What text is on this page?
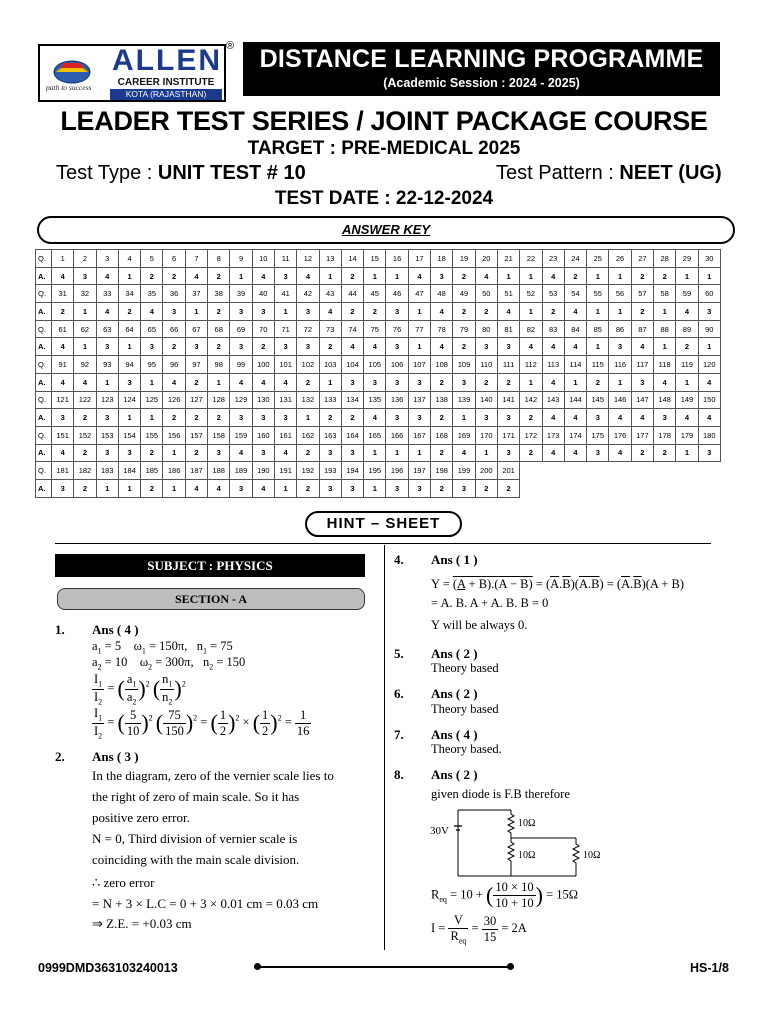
path to success
ALLEN
CAREER INSTITUTE
KOTA (RAJASTHAN)
®	DISTANCE LEARNING PROGRAMME
(Academic Session : 2024 - 2025)
LEADER TEST SERIES / JOINT PACKAGE COURSE
TARGET : PRE-MEDICAL 2025
Test Type : UNIT TEST # 10	Test Pattern : NEET (UG)
TEST DATE : 22-12-2024
ANSWER KEY
Q.	1	2	3	4	5	6	7	8	9	10	11	12	13	14	15	16	17	18	19	20	21	22	23	24	25	26	27	28	29	30
A.	4	3	4	1	2	2	4	2	1	4	3	4	1	2	1	1	4	3	2	4	1	1	4	2	1	1	2	2	1	1
Q.	31	32	33	34	35	36	37	38	39	40	41	42	43	44	45	46	47	48	49	50	51	52	53	54	55	56	57	58	59	60
A.	2	1	4	2	4	3	1	2	3	3	1	3	4	2	2	3	1	4	2	2	4	1	2	4	1	1	2	1	4	3
Q.	61	62	63	64	65	66	67	68	69	70	71	72	73	74	75	76	77	78	79	80	81	82	83	84	85	86	87	88	89	90
A.	4	1	3	1	3	2	3	2	3	2	3	3	2	4	4	3	1	4	2	3	3	4	4	4	1	3	4	1	2	1
Q.	91	92	93	94	95	96	97	98	99	100	101	102	103	104	105	106	107	108	109	110	111	112	113	114	115	116	117	118	119	120
A.	4	4	1	3	1	4	2	1	4	4	4	2	1	3	3	3	3	2	3	2	2	1	4	1	2	1	3	4	1	4
Q.	121	122	123	124	125	126	127	128	129	130	131	132	133	134	135	136	137	138	139	140	141	142	143	144	145	146	147	148	149	150
A.	3	2	3	1	1	2	2	2	3	3	3	1	2	2	4	3	3	2	1	3	3	2	4	4	3	4	4	3	4	4
Q.	151	152	153	154	155	156	157	158	159	160	161	162	163	164	165	166	167	168	169	170	171	172	173	174	175	176	177	178	179	180
A.	4	2	3	3	2	1	2	3	4	3	4	2	3	3	1	1	1	2	4	1	3	2	4	4	3	4	2	2	1	3
Q.	181	182	183	184	185	186	187	188	189	190	191	192	193	194	195	196	197	198	199	200	201									
A.	3	2	1	1	2	1	4	4	3	4	1	2	3	3	1	3	3	2	3	2	2									
HINT – SHEET
SUBJECT : PHYSICS
SECTION - A
1. Ans ( 4 )
$a_1 = 5$    $\omega_1 = 150\pi$,   $n_1 = 75$
$a_2 = 10$    $\omega_2 = 300\pi$,   $n_2 = 150$
$\frac{I_1}{I_2}$ = ( $\frac{a_1}{a_2} )^2$ ( $\frac{n_1}{n_2} )^2$
$\frac{I_1}{I_2}$ = ( $\frac{5}{10} )^2$ ( $\frac{75}{150} )^2$ = ( $\frac{1}{2} )^2$ × ( $\frac{1}{2} )^2 = \frac{1}{16}$
2. Ans ( 3 )
In the diagram, zero of the vernier scale lies to
the right of zero of main scale. So it has
positive zero error.
N = 0, Third division of vernier scale is
coinciding with the main scale division.
∴ zero error
= N + 3 × L.C = 0 + 3 × 0.01 cm = 0.03 cm
⇒ Z.E. = +0.03 cm
4. Ans ( 1 )
$Y = (A + B).(A - B) = (\overline{A}.\overline{B})(A.B) = (\overline{A}.\overline{B})(A + B)$
= A. B. A + A. B. B = 0
Y will be always 0.
5. Ans ( 2 )
Theory based
6. Ans ( 2 )
Theory based
7. Ans ( 4 )
Theory based.
8. Ans ( 2 )
given diode is F.B therefore
30V
10Ω
10Ω	10Ω
$R_{eq} = 10$ + ( $\frac{10 \times 10}{10 + 10}$ ) = 15Ω
$I = \frac{V}{R_{eq}} = \frac{30}{15} = 2A$
0999DMD363103240013	HS-1/8
